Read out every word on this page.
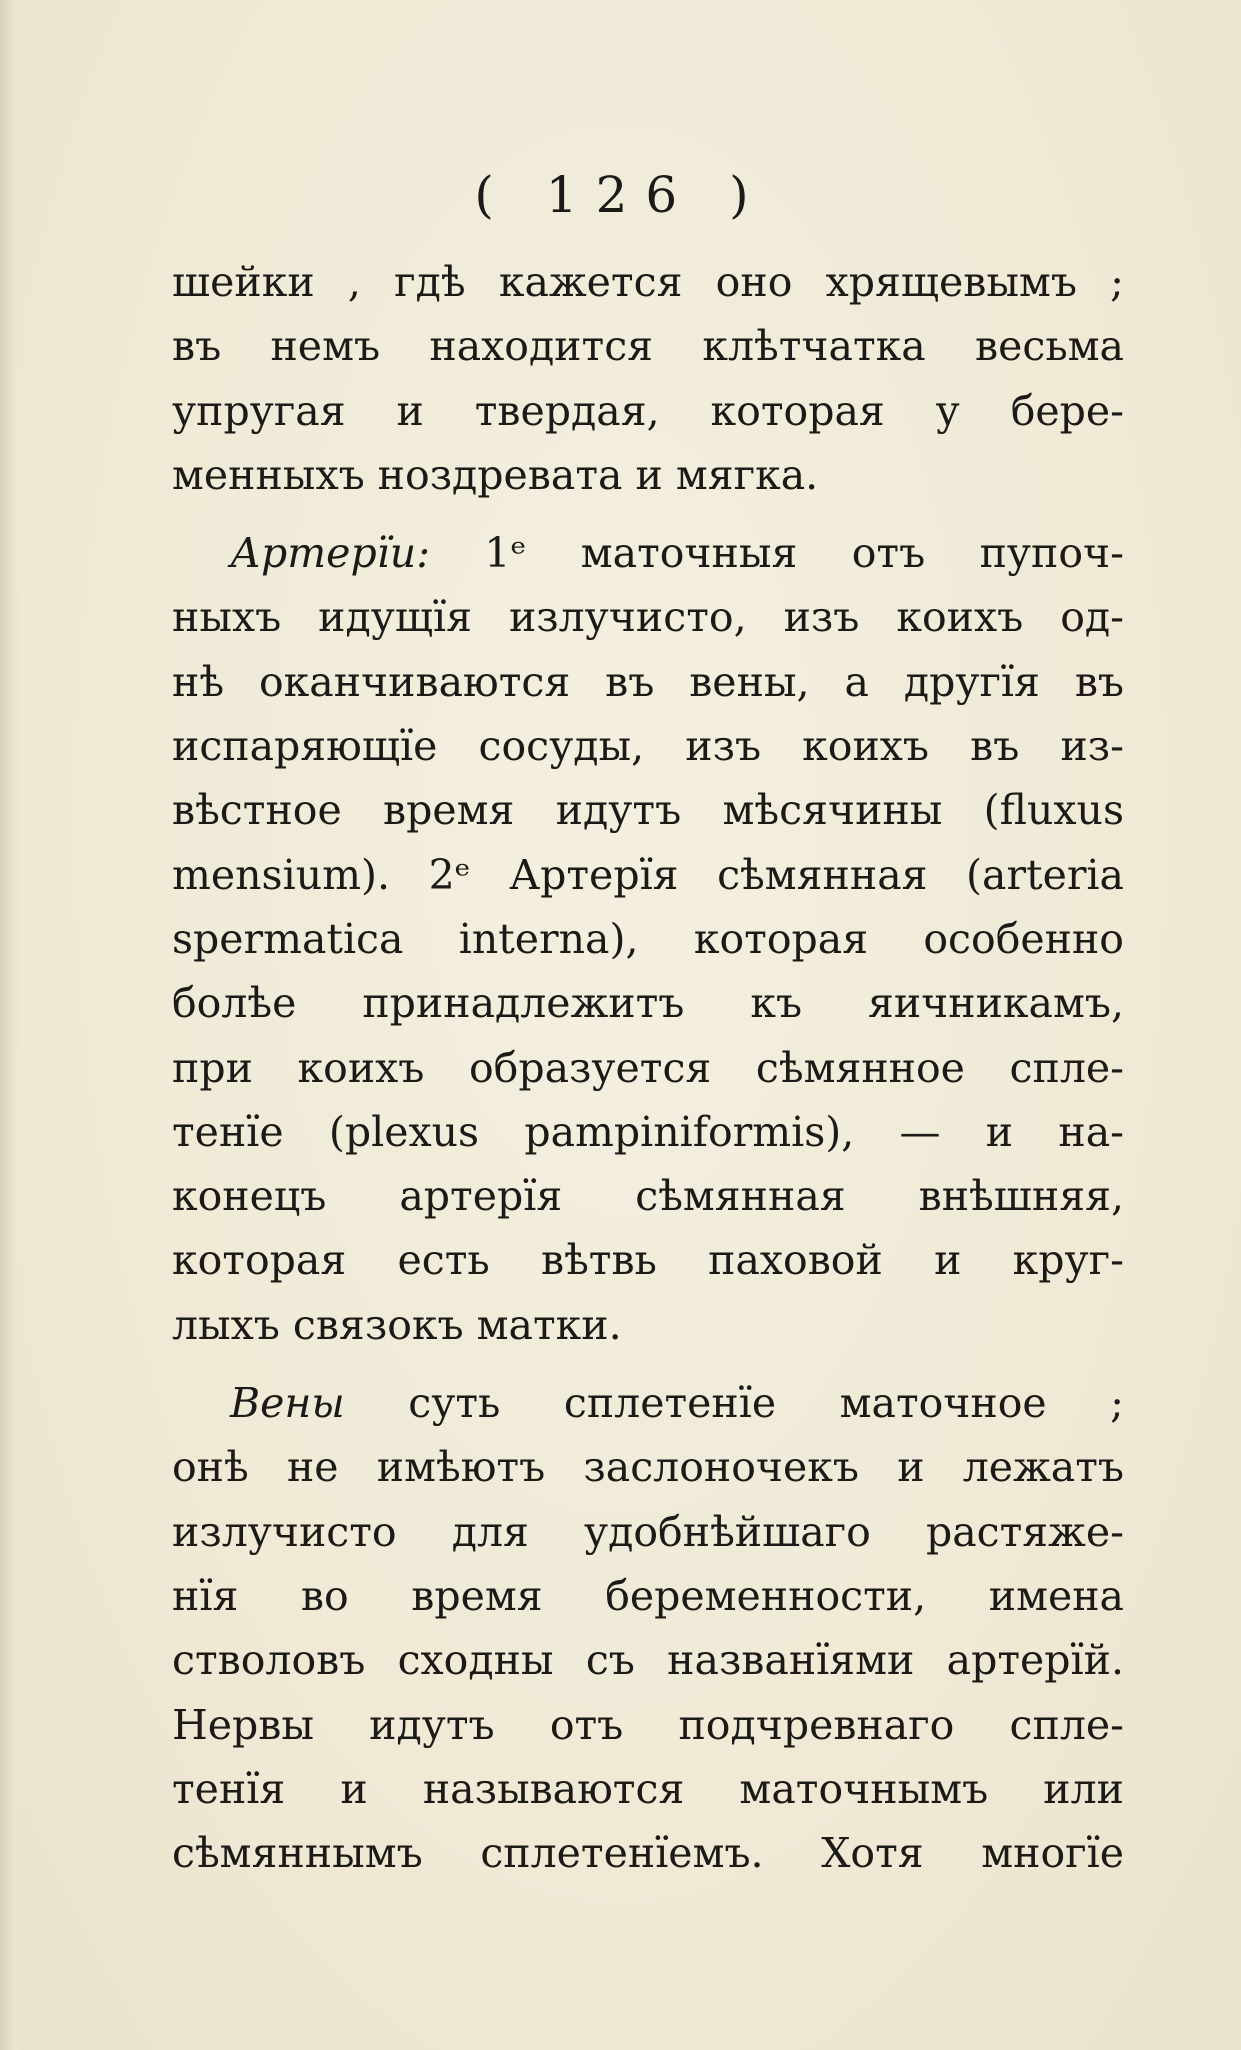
( 126 )
шейки , гдѣ кажется оно хрящевымъ ;
въ немъ находится клѣтчатка весьма
упругая и твердая, которая у бере-
менныхъ ноздревата и мягка.
Артерїи: 1ᵉ маточныя отъ пупоч-
ныхъ идущїя излучисто, изъ коихъ од-
нѣ оканчиваются въ вены, а другїя въ
испаряющїе сосуды, изъ коихъ въ из-
вѣстное время идутъ мѣсячины (fluxus
mensium). 2ᵉ Артерїя сѣмянная (arteria
spermatica interna), которая особенно
болѣе принадлежитъ къ яичникамъ,
при коихъ образуется сѣмянное спле-
тенїе (plexus pampiniformis), — и на-
конецъ артерїя сѣмянная внѣшняя,
которая есть вѣтвь паховой и круг-
лыхъ связокъ матки.
Вены суть сплетенїе маточное ;
онѣ не имѣютъ заслоночекъ и лежатъ
излучисто для удобнѣйшаго растяже-
нїя во время беременности, имена
стволовъ сходны съ названїями артерїй.
Нервы идутъ отъ подчревнаго спле-
тенїя и называются маточнымъ или
сѣмяннымъ сплетенїемъ. Хотя многїе
